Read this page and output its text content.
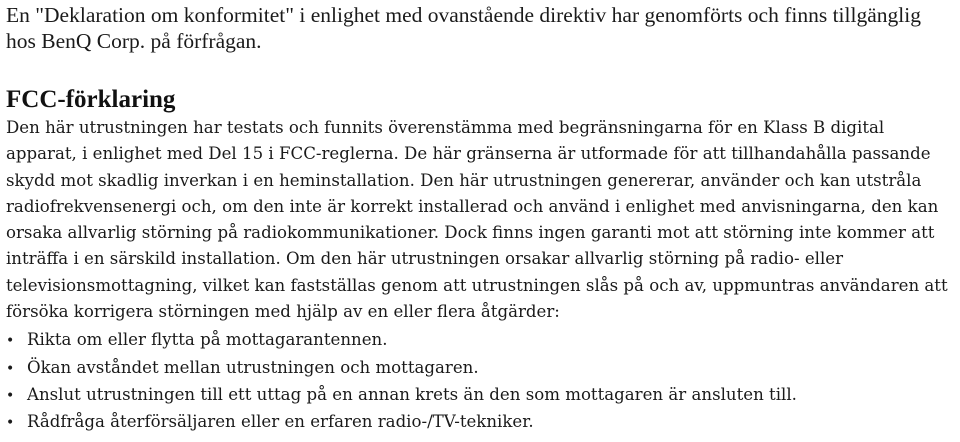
En "Deklaration om konformitet" i enlighet med ovanstående direktiv har genomförts och finns tillgänglig hos BenQ Corp. på förfrågan.

FCC-förklaring

Den här utrustningen har testats och funnits överenstämma med begränsningarna för en Klass B digital apparat, i enlighet med Del 15 i FCC-reglerna. De här gränserna är utformade för att tillhandahålla passande skydd mot skadlig inverkan i en heminstallation. Den här utrustningen genererar, använder och kan utstråla radiofrekvensenergi och, om den inte är korrekt installerad och använd i enlighet med anvisningarna, den kan orsaka allvarlig störning på radiokommunikationer. Dock finns ingen garanti mot att störning inte kommer att inträffa i en särskild installation. Om den här utrustningen orsakar allvarlig störning på radio- eller televisionsmottagning, vilket kan fastställas genom att utrustningen slås på och av, uppmuntras användaren att försöka korrigera störningen med hjälp av en eller flera åtgärder:

• Rikta om eller flytta på mottagarantennen.
• Ökan avståndet mellan utrustningen och mottagaren.
• Anslut utrustningen till ett uttag på en annan krets än den som mottagaren är ansluten till.
• Rådfråga återförsäljaren eller en erfaren radio-/TV-tekniker.
